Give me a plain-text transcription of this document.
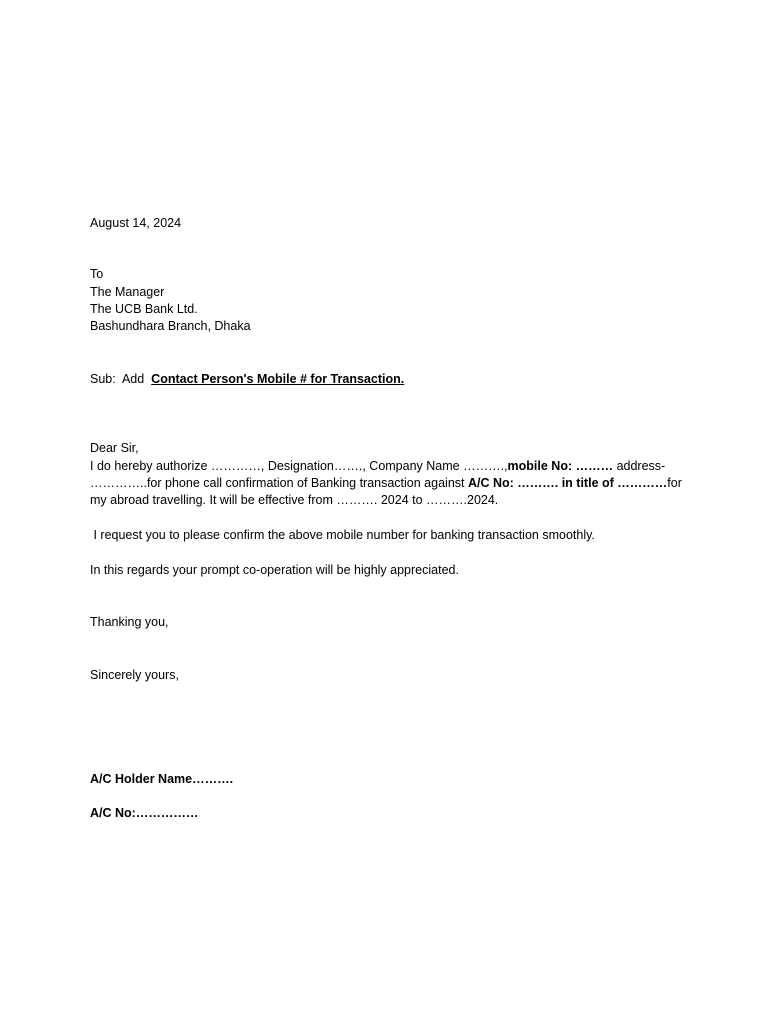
August 14, 2024
To
The Manager
The UCB Bank Ltd.
Bashundhara Branch, Dhaka
Sub:  Add  Contact Person's Mobile # for Transaction.
Dear Sir,
I do hereby authorize …………, Designation……., Company Name ……….,mobile No: ……… address-
…………..for phone call confirmation of Banking transaction against A/C No: ………. in title of …………for
my abroad travelling. It will be effective from ………. 2024 to ……….2024.
I request you to please confirm the above mobile number for banking transaction smoothly.
In this regards your prompt co-operation will be highly appreciated.
Thanking you,
Sincerely yours,
A/C Holder Name……….
A/C No:……………
